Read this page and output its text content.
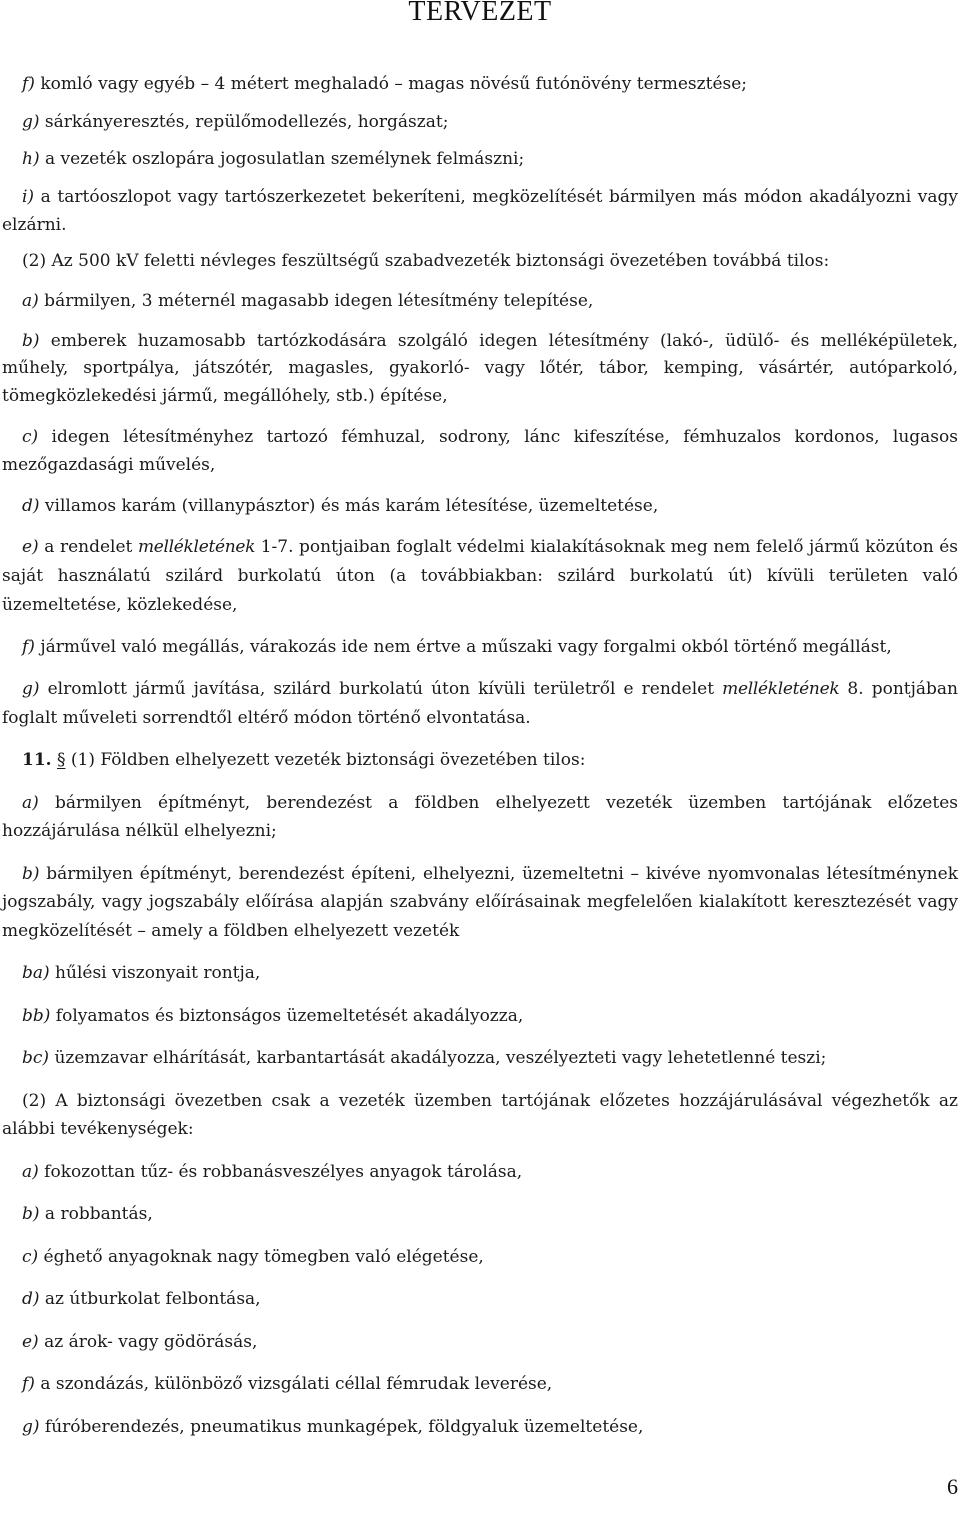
TERVEZET

f) komló vagy egyéb – 4 métert meghaladó – magas növésű futónövény termesztése;

g) sárkányeresztés, repülőmodellezés, horgászat;

h) a vezeték oszlopára jogosulatlan személynek felmászni;

i) a tartóoszlopot vagy tartószerkezetet bekeríteni, megközelítését bármilyen más módon akadályozni vagy elzárni.

(2) Az 500 kV feletti névleges feszültségű szabadvezeték biztonsági övezetében továbbá tilos:

a) bármilyen, 3 méternél magasabb idegen létesítmény telepítése,

b) emberek huzamosabb tartózkodására szolgáló idegen létesítmény (lakó-, üdülő- és melléképületek, műhely, sportpálya, játszótér, magasles, gyakorló- vagy lőtér, tábor, kemping, vásártér, autóparkoló, tömegközlekedési jármű, megállóhely, stb.) építése,

c) idegen létesítményhez tartozó fémhuzal, sodrony, lánc kifeszítése, fémhuzalos kordonos, lugasos mezőgazdasági művelés,

d) villamos karám (villanypásztor) és más karám létesítése, üzemeltetése,

e) a rendelet mellékletének 1-7. pontjaiban foglalt védelmi kialakításoknak meg nem felelő jármű közúton és saját használatú szilárd burkolatú úton (a továbbiakban: szilárd burkolatú út) kívüli területen való üzemeltetése, közlekedése,

f) járművel való megállás, várakozás ide nem értve a műszaki vagy forgalmi okból történő megállást,

g) elromlott jármű javítása, szilárd burkolatú úton kívüli területről e rendelet mellékletének 8. pontjában foglalt műveleti sorrendtől eltérő módon történő elvontatása.

11. § (1) Földben elhelyezett vezeték biztonsági övezetében tilos:

a) bármilyen építményt, berendezést a földben elhelyezett vezeték üzemben tartójának előzetes hozzájárulása nélkül elhelyezni;

b) bármilyen építményt, berendezést építeni, elhelyezni, üzemeltetni – kivéve nyomvonalas létesítménynek jogszabály, vagy jogszabály előírása alapján szabvány előírásainak megfelelően kialakított keresztezését vagy megközelítését – amely a földben elhelyezett vezeték

ba) hűlési viszonyait rontja,

bb) folyamatos és biztonságos üzemeltetését akadályozza,

bc) üzemzavar elhárítását, karbantartását akadályozza, veszélyezteti vagy lehetetlenné teszi;

(2) A biztonsági övezetben csak a vezeték üzemben tartójának előzetes hozzájárulásával végezhetők az alábbi tevékenységek:

a) fokozottan tűz- és robbanásveszélyes anyagok tárolása,

b) a robbantás,

c) éghető anyagoknak nagy tömegben való elégetése,

d) az útburkolat felbontása,

e) az árok- vagy gödörásás,

f) a szondázás, különböző vizsgálati céllal fémrudak leverése,

g) fúróberendezés, pneumatikus munkagépek, földgyaluk üzemeltetése,

6
